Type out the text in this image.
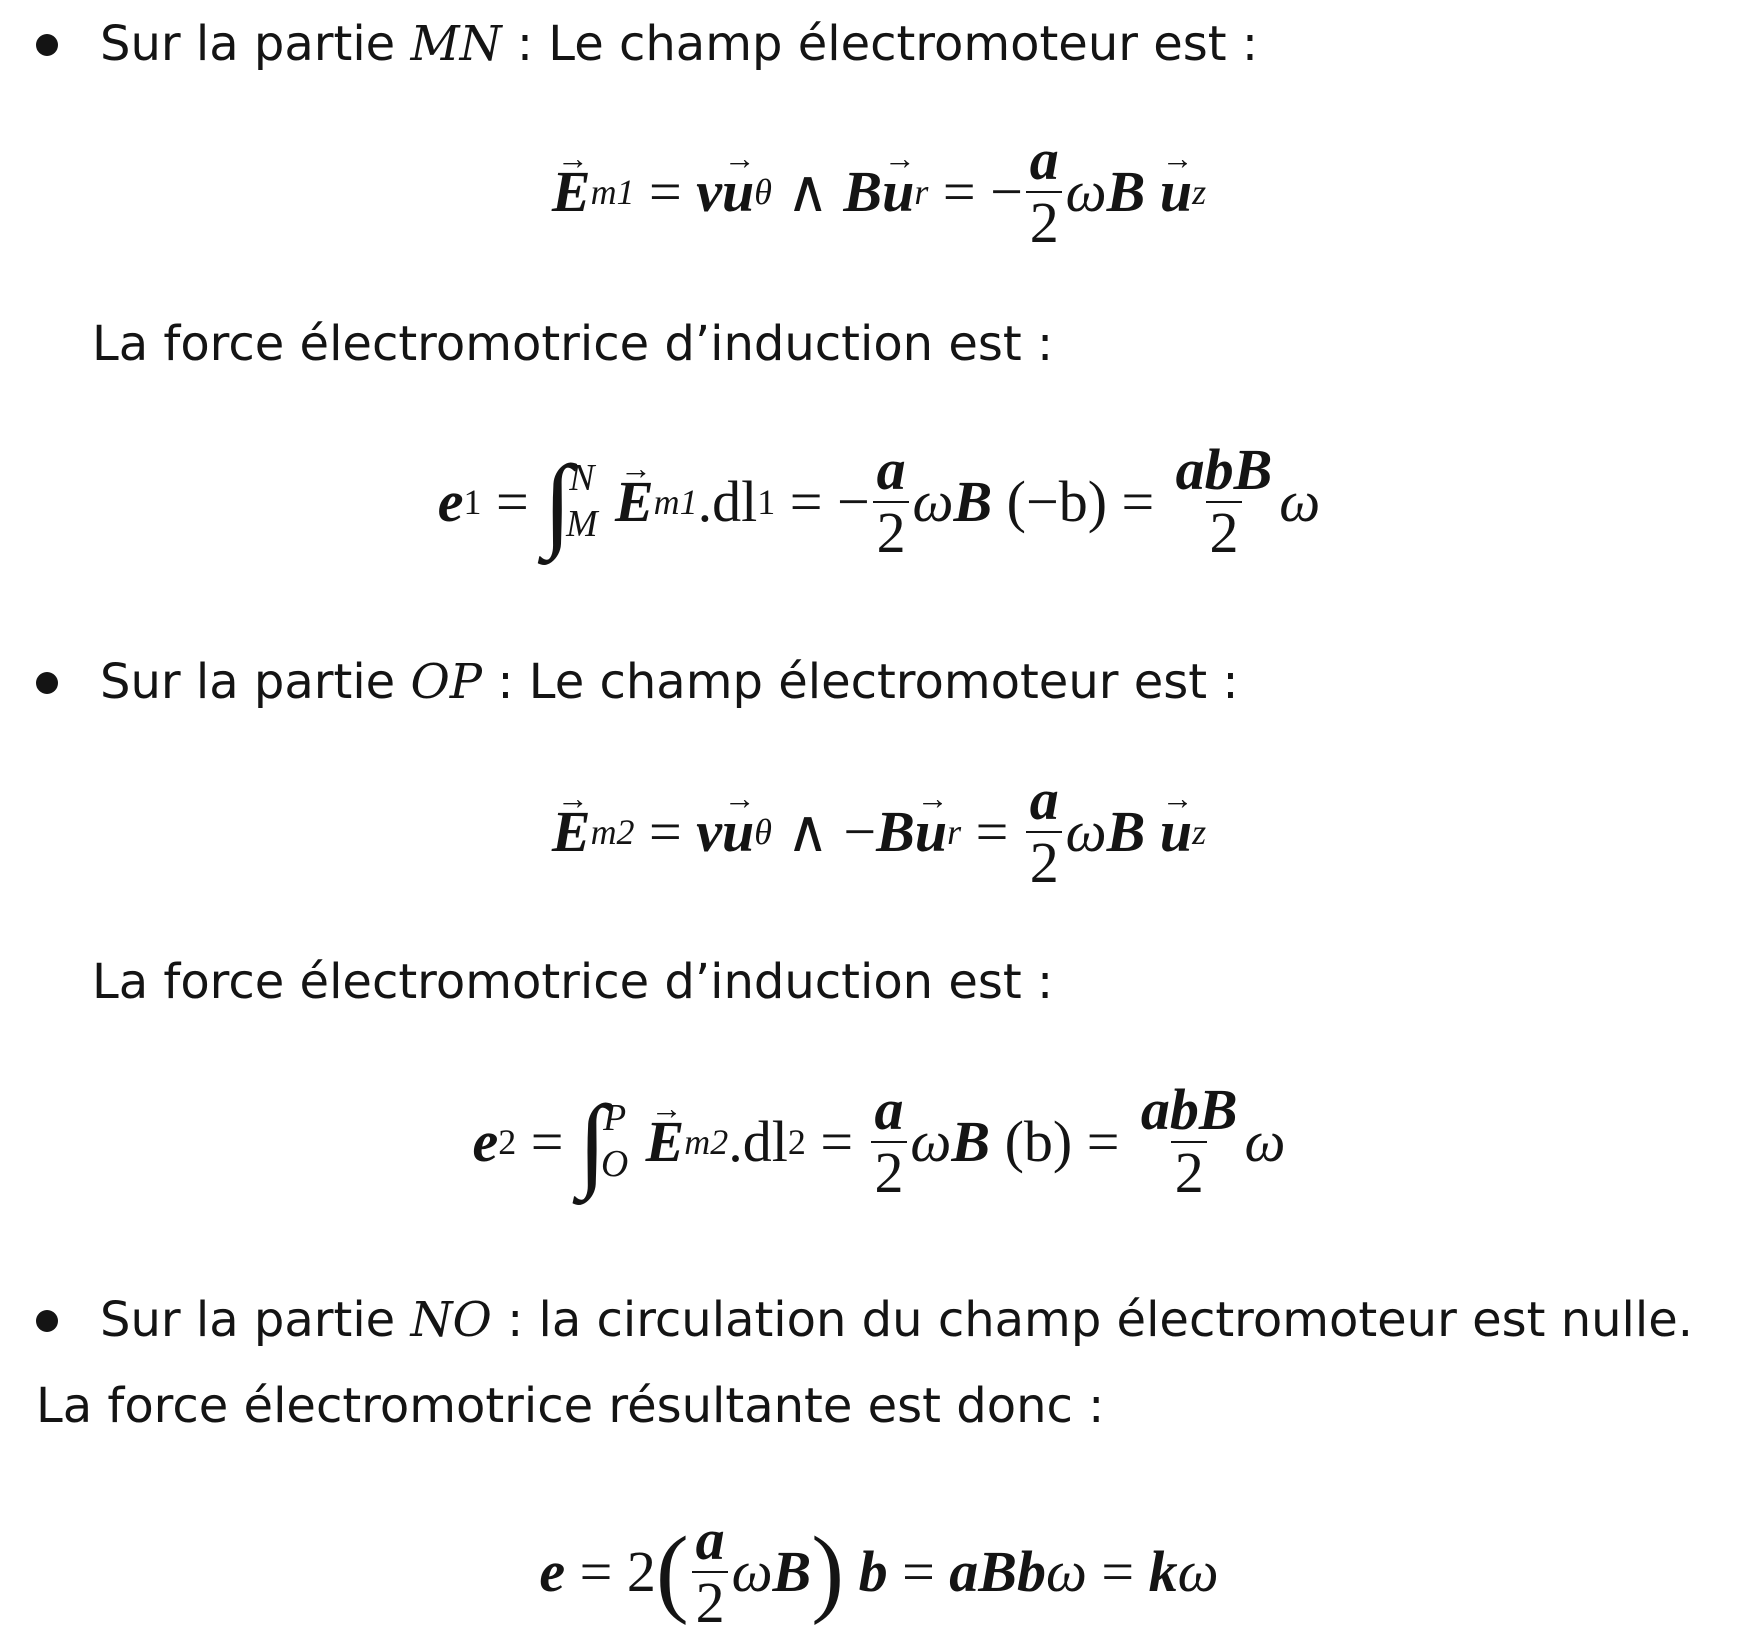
Sur la partie MN : Le champ électromoteur est :
→ E m1 = v → u θ ∧ B → u r = − $\frac{a}{2}$ ω B
→ u z
La force électromotrice d’induction est :
e 1 = ∫
N
M → E m1 .dl 1 = − $\frac{a}{2}$ ω B
$(-b) = \frac{\text{abB}}{2}$ ω
Sur la partie OP : Le champ électromoteur est :
→ E m2 = v → u θ ∧ − B → u $r = \frac{a}{2}$ ω B
→ u z
La force électromotrice d’induction est :
e 2 = ∫
P
O → E m2 .dl $2 = \frac{a}{2}$ ω B
$(b) = \frac{\text{abB}}{2}$ ω
Sur la partie NO : la circulation du champ électromoteur est nulle.
La force électromotrice résultante est donc :
e = 2 ( $\frac{a}{2}$ ω B )
b = aBb ω = k ω
